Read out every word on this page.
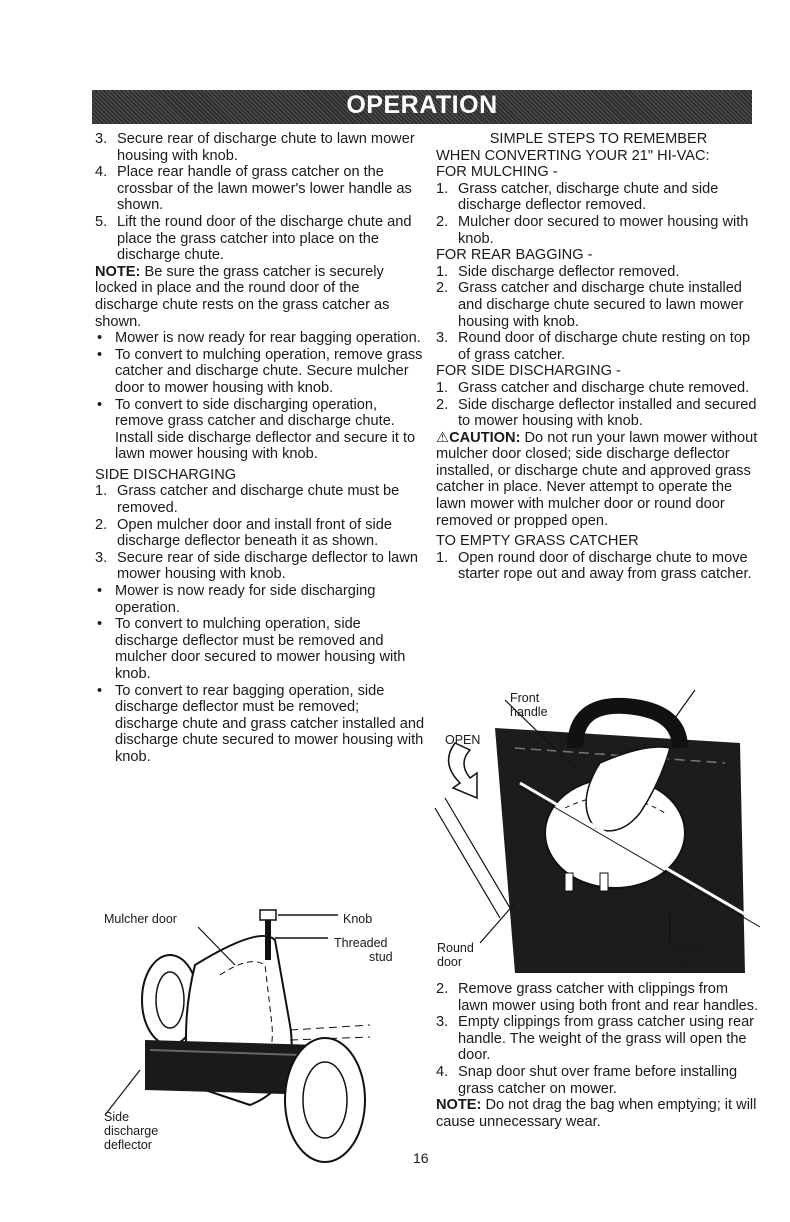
OPERATION
3. Secure rear of discharge chute to lawn mower housing with knob.
4. Place rear handle of grass catcher on the crossbar of the lawn mower's lower handle as shown.
5. Lift the round door of the discharge chute and place the grass catcher into place on the discharge chute.

NOTE: Be sure the grass catcher is securely locked in place and the round door of the discharge chute rests on the grass catcher as shown.

• Mower is now ready for rear bagging operation.
• To convert to mulching operation, remove grass catcher and discharge chute. Secure mulcher door to mower housing with knob.
• To convert to side discharging operation, remove grass catcher and discharge chute. Install side discharge deflector and secure it to lawn mower housing with knob.

SIDE DISCHARGING

1. Grass catcher and discharge chute must be removed.
2. Open mulcher door and install front of side discharge deflector beneath it as shown.
3. Secure rear of side discharge deflector to lawn mower housing with knob.
• Mower is now ready for side discharging operation.
• To convert to mulching operation, side discharge deflector must be removed and mulcher door secured to mower housing with knob.
• To convert to rear bagging operation, side discharge deflector must be removed; discharge chute and grass catcher installed and discharge chute secured to mower housing with knob.
Mulcher door	Knob
Threaded
stud
Side
discharge
deflector

SIMPLE STEPS TO REMEMBER

WHEN CONVERTING YOUR 21" HI-VAC:

FOR MULCHING -

1. Grass catcher, discharge chute and side discharge deflector removed.
2. Mulcher door secured to mower housing with knob.

FOR REAR BAGGING -

1. Side discharge deflector removed.
2. Grass catcher and discharge chute installed and discharge chute secured to lawn mower housing with knob.
3. Round door of discharge chute resting on top of grass catcher.

FOR SIDE DISCHARGING -

1. Grass catcher and discharge chute removed.
2. Side discharge deflector installed and secured to mower housing with knob.

⚠CAUTION: Do not run your lawn mower without mulcher door closed; side discharge deflector installed, or discharge chute and approved grass catcher in place. Never attempt to operate the lawn mower with mulcher door or round door removed or propped open.

TO EMPTY GRASS CATCHER

1. Open round door of discharge chute to move starter rope out and away from grass catcher.
Front
handle
OPEN
Round
door
Starter
rope
2. Remove grass catcher with clippings from lawn mower using both front and rear handles.
3. Empty clippings from grass catcher using rear handle. The weight of the grass will open the door.
4. Snap door shut over frame before installing grass catcher on mower.

NOTE: Do not drag the bag when emptying; it will cause unnecessary wear.

16
